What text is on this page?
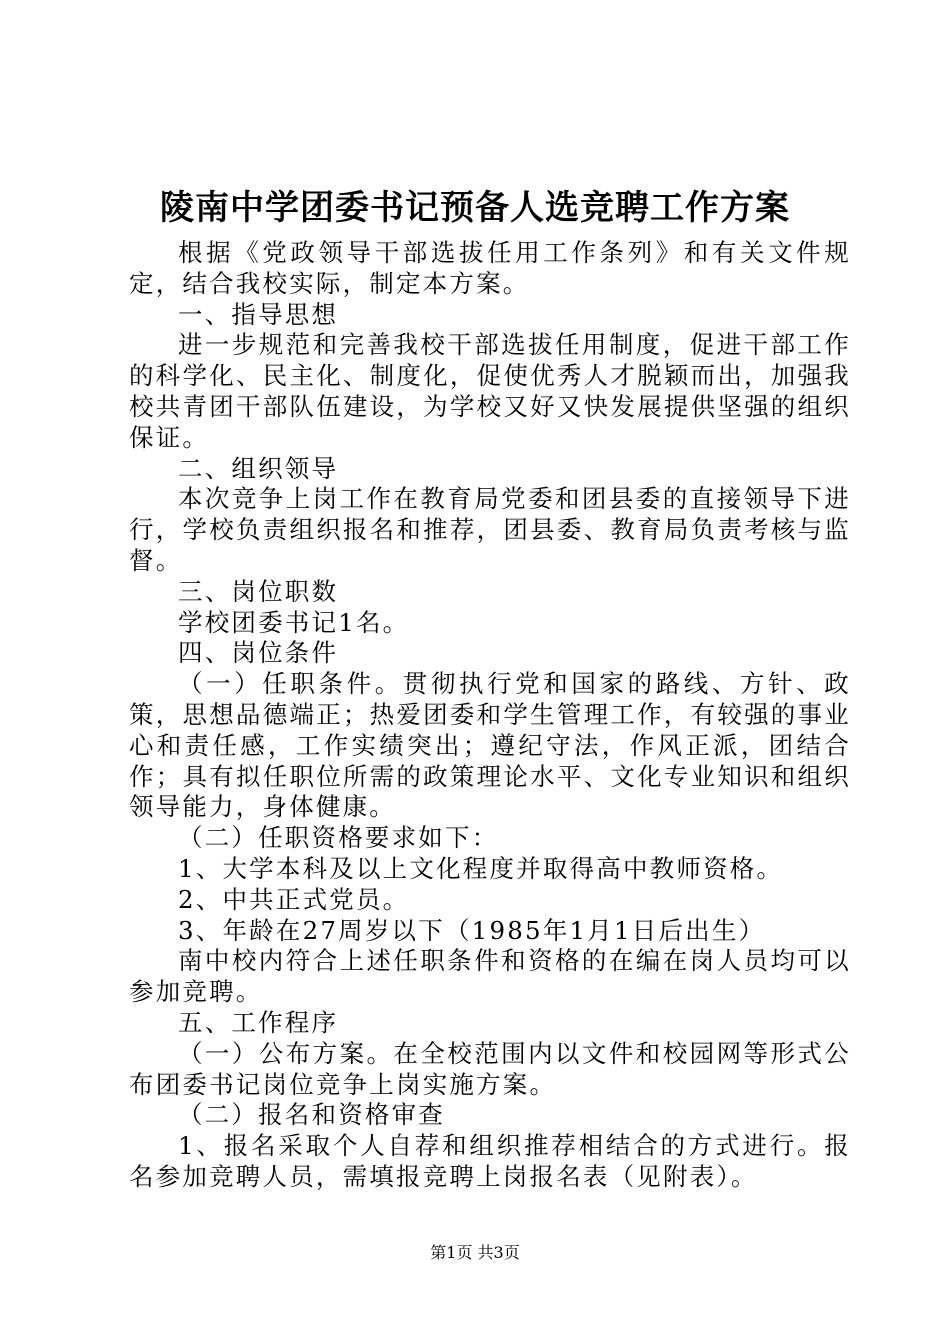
陵南中学团委书记预备人选竞聘工作方案

根据《党政领导干部选拔任用工作条列》和有关文件规定，结合我校实际，制定本方案。

一、指导思想

进一步规范和完善我校干部选拔任用制度，促进干部工作的科学化、民主化、制度化，促使优秀人才脱颖而出，加强我校共青团干部队伍建设，为学校又好又快发展提供坚强的组织保证。

二、组织领导

本次竞争上岗工作在教育局党委和团县委的直接领导下进行，学校负责组织报名和推荐，团县委、教育局负责考核与监督。

三、岗位职数

学校团委书记1名。

四、岗位条件

（一）任职条件。贯彻执行党和国家的路线、方针、政策，思想品德端正；热爱团委和学生管理工作，有较强的事业心和责任感，工作实绩突出；遵纪守法，作风正派，团结合作；具有拟任职位所需的政策理论水平、文化专业知识和组织领导能力，身体健康。

（二）任职资格要求如下：

1、大学本科及以上文化程度并取得高中教师资格。

2、中共正式党员。

3、年龄在27周岁以下（1985年1月1日后出生）

南中校内符合上述任职条件和资格的在编在岗人员均可以参加竞聘。

五、工作程序

（一）公布方案。在全校范围内以文件和校园网等形式公布团委书记岗位竞争上岗实施方案。

（二）报名和资格审查

1、报名采取个人自荐和组织推荐相结合的方式进行。报名参加竞聘人员，需填报竞聘上岗报名表（见附表）。

第1页 共3页
